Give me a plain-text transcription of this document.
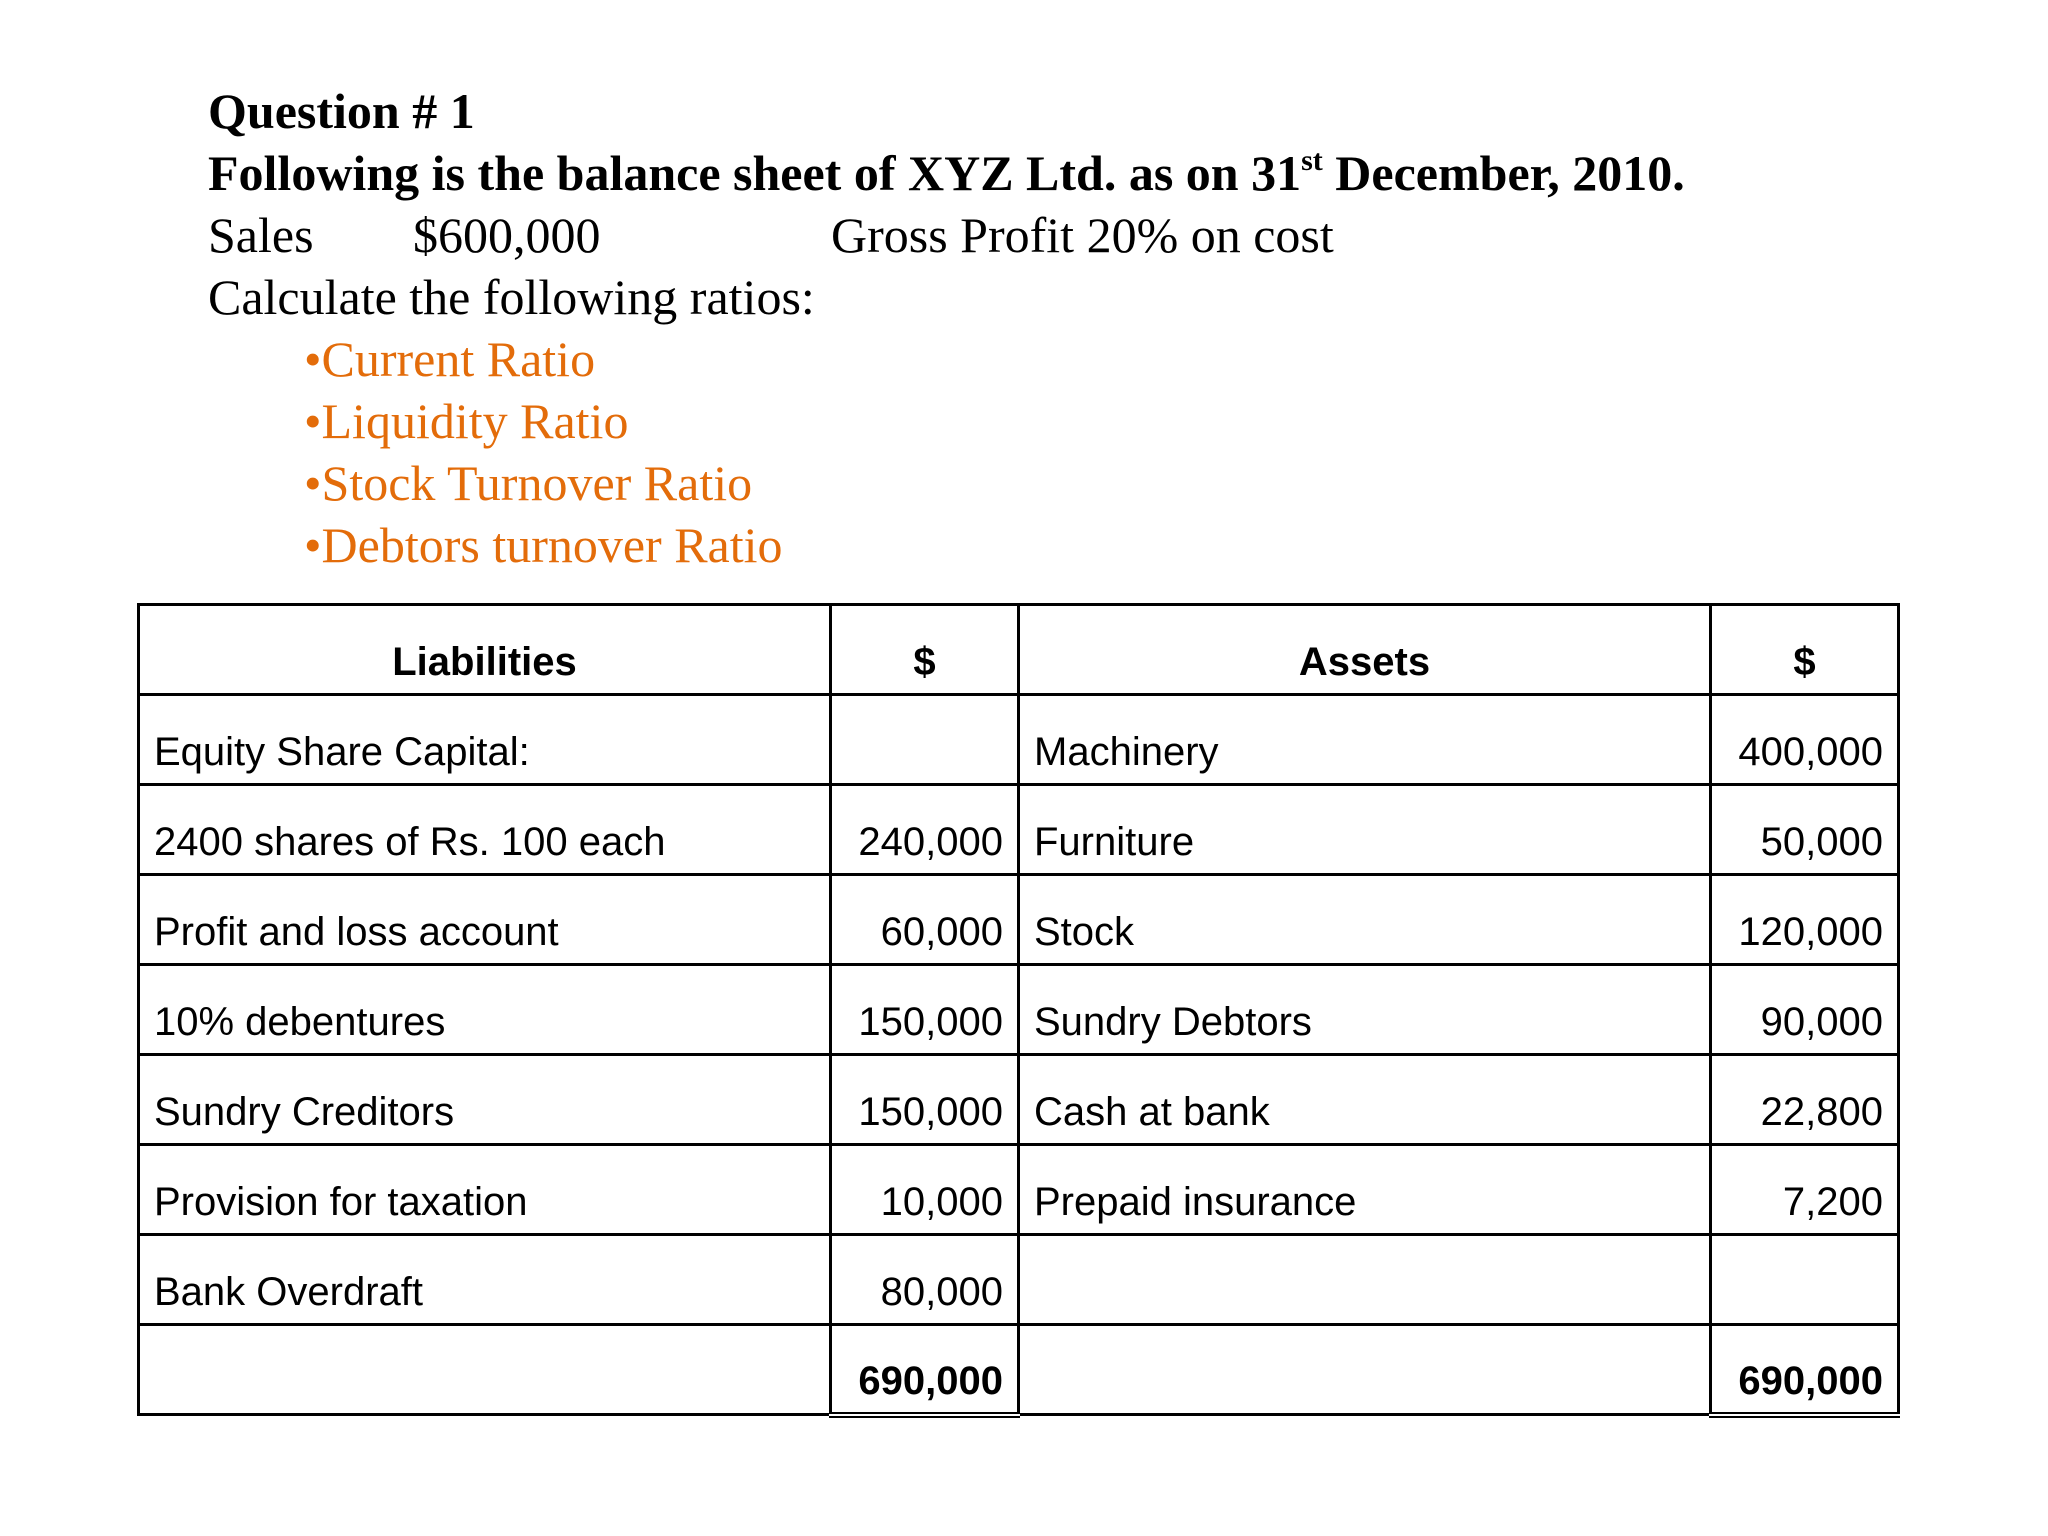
Question # 1
Following is the balance sheet of XYZ Ltd. as on 31st December, 2010.
Sales $600,000	Gross Profit 20% on cost
Calculate the following ratios:
•Current Ratio
•Liquidity Ratio
•Stock Turnover Ratio
•Debtors turnover Ratio
Liabilities	$	Assets	$
Equity Share Capital:		Machinery	400,000
2400 shares of Rs. 100 each	240,000	Furniture	50,000
Profit and loss account	60,000	Stock	120,000
10% debentures	150,000	Sundry Debtors	90,000
Sundry Creditors	150,000	Cash at bank	22,800
Provision for taxation	10,000	Prepaid insurance	7,200
Bank Overdraft	80,000		
	690,000		690,000
